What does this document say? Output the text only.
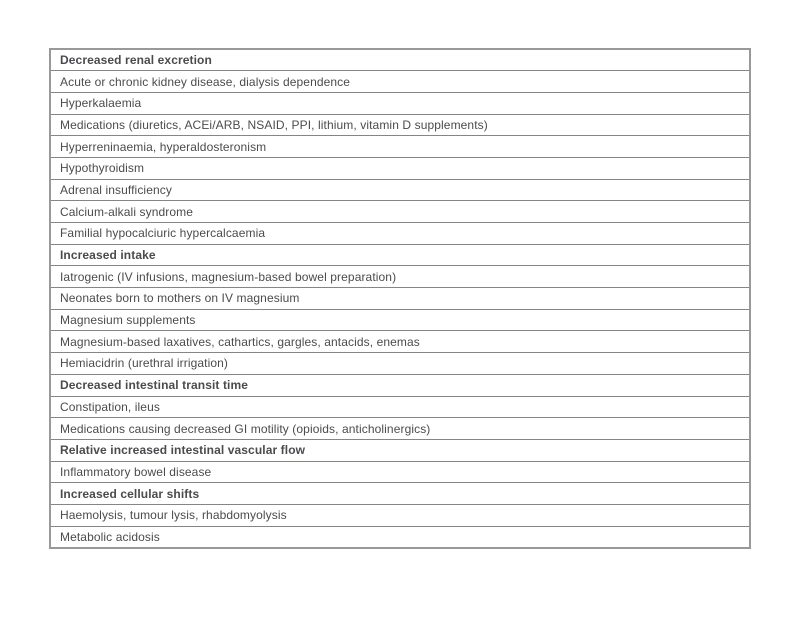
Decreased renal excretion
Acute or chronic kidney disease, dialysis dependence
Hyperkalaemia
Medications (diuretics, ACEi/ARB, NSAID, PPI, lithium, vitamin D supplements)
Hyperreninaemia, hyperaldosteronism
Hypothyroidism
Adrenal insufficiency
Calcium-alkali syndrome
Familial hypocalciuric hypercalcaemia
Increased intake
Iatrogenic (IV infusions, magnesium-based bowel preparation)
Neonates born to mothers on IV magnesium
Magnesium supplements
Magnesium-based laxatives, cathartics, gargles, antacids, enemas
Hemiacidrin (urethral irrigation)
Decreased intestinal transit time
Constipation, ileus
Medications causing decreased GI motility (opioids, anticholinergics)
Relative increased intestinal vascular flow
Inflammatory bowel disease
Increased cellular shifts
Haemolysis, tumour lysis, rhabdomyolysis
Metabolic acidosis
